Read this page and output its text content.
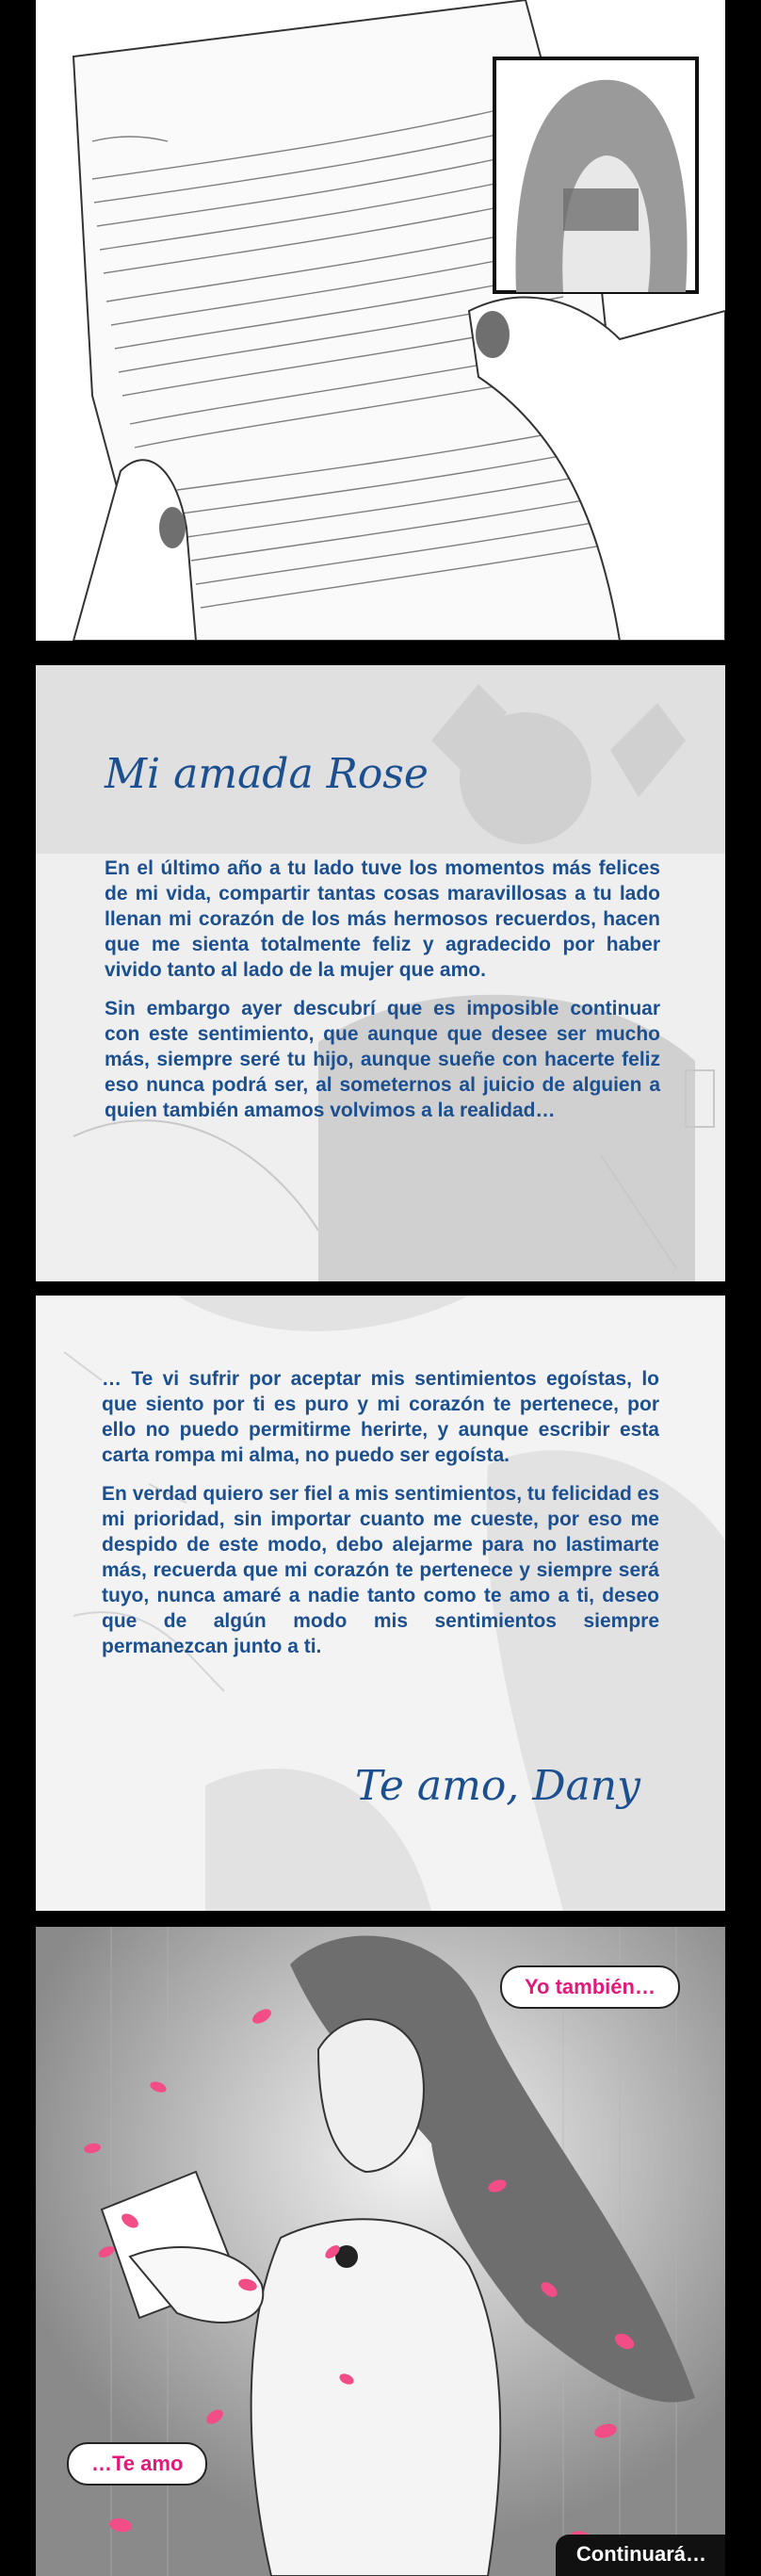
Mi amada Rose

En el último año a tu lado tuve los momentos más felices de mi vida, compartir tantas cosas maravillosas a tu lado llenan mi corazón de los más hermosos recuerdos, hacen que me sienta totalmente feliz y agradecido por haber vivido tanto al lado de la mujer que amo.

Sin embargo ayer descubrí que es imposible continuar con este sentimiento, que aunque que desee ser mucho más, siempre seré tu hijo, aunque sueñe con hacerte feliz eso nunca podrá ser, al someternos al juicio de alguien a quien también amamos volvimos a la realidad…

… Te vi sufrir por aceptar mis sentimientos egoístas, lo que siento por ti es puro y mi corazón te pertenece, por ello no puedo permitirme herirte, y aunque escribir esta carta rompa mi alma, no puedo ser egoísta.

En verdad quiero ser fiel a mis sentimientos, tu felicidad es mi prioridad, sin importar cuanto me cueste, por eso me despido de este modo, debo alejarme para no lastimarte más, recuerda que mi corazón te pertenece y siempre será tuyo, nunca amaré a nadie tanto como te amo a ti, deseo que de algún modo mis sentimientos siempre permanezcan junto a ti.

Te amo, Dany
Yo también…
…Te amo
Continuará…
